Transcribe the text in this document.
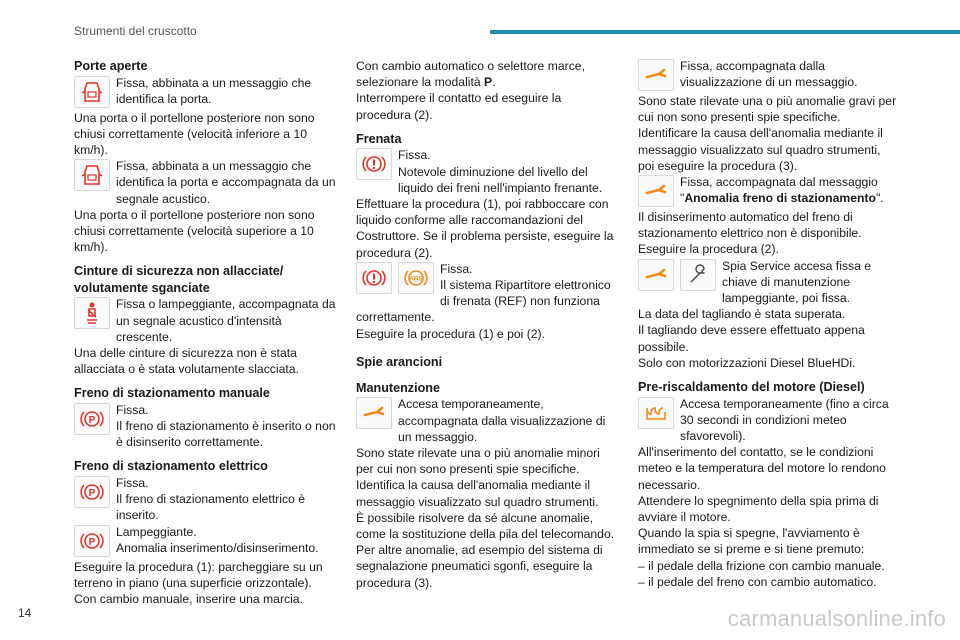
Strumenti del cruscotto
Porte aperte
Fissa, abbinata a un messaggio che identifica la porta.
Una porta o il portellone posteriore non sono chiusi correttamente (velocità inferiore a 10 km/h).
Fissa, abbinata a un messaggio che identifica la porta e accompagnata da un segnale acustico.
Una porta o il portellone posteriore non sono chiusi correttamente (velocità superiore a 10 km/h).
Cinture di sicurezza non allacciate/ volutamente sganciate
Fissa o lampeggiante, accompagnata da un segnale acustico d'intensità crescente.
Una delle cinture di sicurezza non è stata allacciata o è stata volutamente slacciata.
Freno di stazionamento manuale
P
Fissa.
Il freno di stazionamento è inserito o non è disinserito correttamente.
Freno di stazionamento elettrico
P
Fissa.
Il freno di stazionamento elettrico è inserito.
P
Lampeggiante.
Anomalia inserimento/disinserimento.
Eseguire la procedura (1): parcheggiare su un terreno in piano (una superficie orizzontale).
Con cambio manuale, inserire una marcia.
Con cambio automatico o selettore marce, selezionare la modalità P.
Interrompere il contatto ed eseguire la procedura (2).
Frenata
Fissa.
Notevole diminuzione del livello del liquido dei freni nell'impianto frenante.
Effettuare la procedura (1), poi rabboccare con liquido conforme alle raccomandazioni del Costruttore. Se il problema persiste, eseguire la procedura (2).
ABS
Fissa.
Il sistema Ripartitore elettronico di frenata (REF) non funziona correttamente.
Eseguire la procedura (1) e poi (2).
Spie arancioni
Manutenzione
Accesa temporaneamente, accompagnata dalla visualizzazione di un messaggio.
Sono state rilevate una o più anomalie minori per cui non sono presenti spie specifiche.
Identifica la causa dell'anomalia mediante il messaggio visualizzato sul quadro strumenti.
È possibile risolvere da sé alcune anomalie, come la sostituzione della pila del telecomando.
Per altre anomalie, ad esempio del sistema di segnalazione pneumatici sgonfi, eseguire la procedura (3).
Fissa, accompagnata dalla visualizzazione di un messaggio.
Sono state rilevate una o più anomalie gravi per cui non sono presenti spie specifiche.
Identificare la causa dell'anomalia mediante il messaggio visualizzato sul quadro strumenti, poi eseguire la procedura (3).
Fissa, accompagnata dal messaggio "Anomalia freno di stazionamento".
Il disinserimento automatico del freno di stazionamento elettrico non è disponibile.
Eseguire la procedura (2).
Spia Service accesa fissa e chiave di manutenzione lampeggiante, poi fissa.
La data del tagliando è stata superata.
Il tagliando deve essere effettuato appena possibile.
Solo con motorizzazioni Diesel BlueHDi.
Pre-riscaldamento del motore (Diesel)
Accesa temporaneamente (fino a circa 30 secondi in condizioni meteo sfavorevoli).
All'inserimento del contatto, se le condizioni meteo e la temperatura del motore lo rendono necessario.
Attendere lo spegnimento della spia prima di avviare il motore.
Quando la spia si spegne, l'avviamento è immediato se si preme e si tiene premuto:
– il pedale della frizione con cambio manuale.
– il pedale del freno con cambio automatico.
14	carmanualsonline.info
